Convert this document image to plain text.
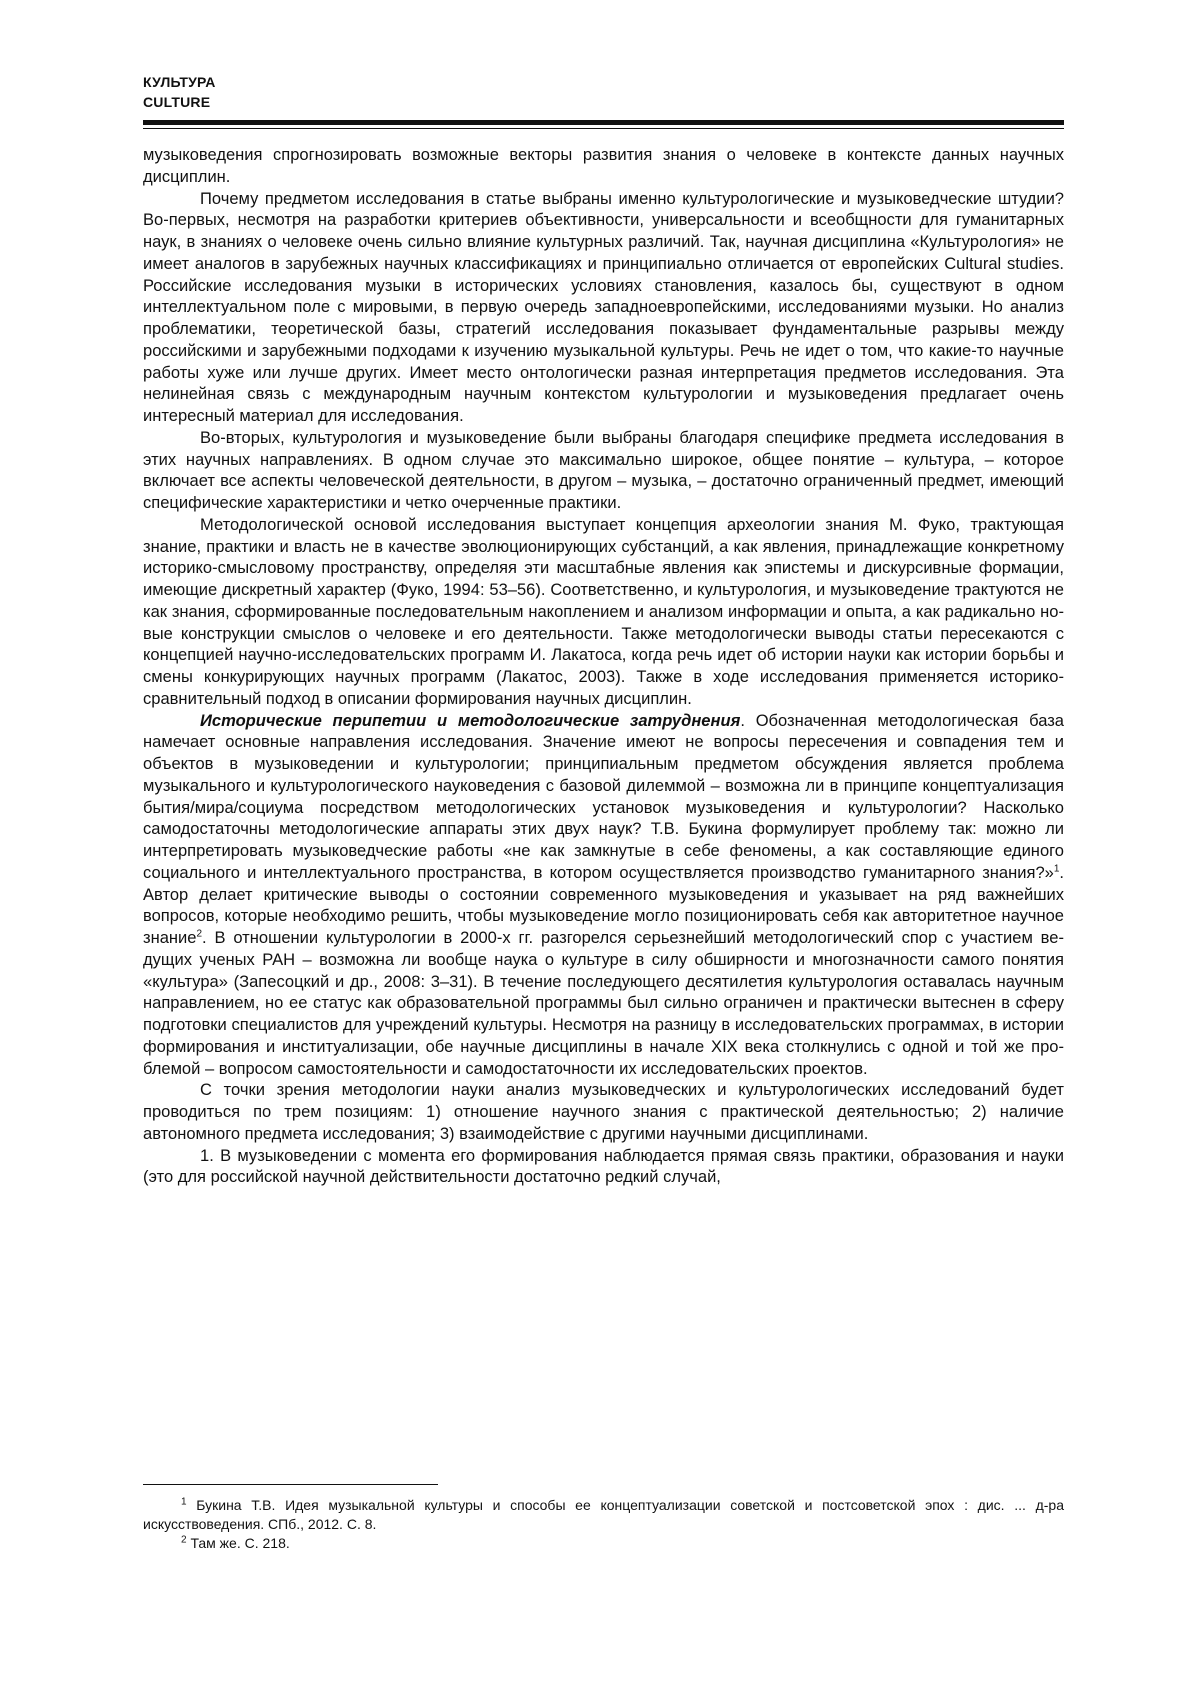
КУЛЬТУРА
CULTURE

музыковедения спрогнозировать возможные векторы развития знания о человеке в контексте данных научных дисциплин.

Почему предметом исследования в статье выбраны именно культурологические и музыковедческие штудии? Во-первых, несмотря на разработки критериев объективности, универсальности и всеобщности для гуманитарных наук, в знаниях о человеке очень сильно влияние культурных различий. Так, научная дисциплина «Культурология» не имеет аналогов в зарубежных научных классификациях и принципиально отличается от европейских Cultural studies. Российские исследования музыки в исторических условиях становления, казалось бы, существуют в одном интеллектуальном поле с мировыми, в первую очередь западноевропейскими, исследованиями музыки. Но анализ проблематики, теоретической базы, стратегий исследования показывает фундаментальные разрывы между российскими и зарубежными подходами к изучению музыкальной культуры. Речь не идет о том, что какие-то научные работы хуже или лучше других. Имеет место онтологически разная интерпретация предметов исследования. Эта нелинейная связь с международным научным контекстом культурологии и музыковедения предлагает очень интересный материал для исследования.

Во-вторых, культурология и музыковедение были выбраны благодаря специфике предмета исследования в этих научных направлениях. В одном случае это максимально широкое, общее понятие – культура, – которое включает все аспекты человеческой деятельности, в другом – музыка, – достаточно ограниченный предмет, имеющий специфические характеристики и четко очерченные практики.

Методологической основой исследования выступает концепция археологии знания М. Фуко, трактующая знание, практики и власть не в качестве эволюционирующих субстанций, а как явления, принадлежащие конкретному историко-смысловому пространству, определяя эти масштабные явления как эпистемы и дискурсивные формации, имеющие дискретный характер (Фуко, 1994: 53–56). Соответственно, и культурология, и музыковедение трактуются не как знания, сформированные последовательным накоплением и анализом информации и опыта, а как радикально новые конструкции смыслов о человеке и его деятельности. Также методологически выводы статьи пересекаются с концепцией научно-исследовательских программ И. Лакатоса, когда речь идет об истории науки как истории борьбы и смены конкурирующих научных программ (Лакатос, 2003). Также в ходе исследования применяется историко-сравнительный подход в описании формирования научных дисциплин.

Исторические перипетии и методологические затруднения. Обозначенная методологическая база намечает основные направления исследования. Значение имеют не вопросы пересечения и совпадения тем и объектов в музыковедении и культурологии; принципиальным предметом обсуждения является проблема музыкального и культурологического науковедения с базовой дилеммой – возможна ли в принципе концептуализация бытия/мира/социума посредством методологических установок музыковедения и культурологии? Насколько самодостаточны методологические аппараты этих двух наук? Т.В. Букина формулирует проблему так: можно ли интерпретировать музыковедческие работы «не как замкнутые в себе феномены, а как составляющие единого социального и интеллектуального пространства, в котором осуществляется производство гуманитарного знания?»$^1$. Автор делает критические выводы о состоянии современного музыковедения и указывает на ряд важнейших вопросов, которые необходимо решить, чтобы музыковедение могло позиционировать себя как авторитетное научное знание$^2$. В отношении культурологии в 2000-х гг. разгорелся серьезнейший методологический спор с участием ведущих ученых РАН – возможна ли вообще наука о культуре в силу обширности и многозначности самого понятия «культура» (Запесоцкий и др., 2008: 3–31). В течение последующего десятилетия культурология оставалась научным направлением, но ее статус как образовательной программы был сильно ограничен и практически вытеснен в сферу подготовки специалистов для учреждений культуры. Несмотря на разницу в исследовательских программах, в истории формирования и институализации, обе научные дисциплины в начале XIX века столкнулись с одной и той же проблемой – вопросом самостоятельности и самодостаточности их исследовательских проектов.

С точки зрения методологии науки анализ музыковедческих и культурологических исследований будет проводиться по трем позициям: 1) отношение научного знания с практической деятельностью; 2) наличие автономного предмета исследования; 3) взаимодействие с другими научными дисциплинами.

1. В музыковедении с момента его формирования наблюдается прямая связь практики, образования и науки (это для российской научной действительности достаточно редкий случай,

$^1$ Букина Т.В. Идея музыкальной культуры и способы ее концептуализации советской и постсоветской эпох : дис. ... д-ра искусствоведения. СПб., 2012. С. 8.

$^2$ Там же. С. 218.
